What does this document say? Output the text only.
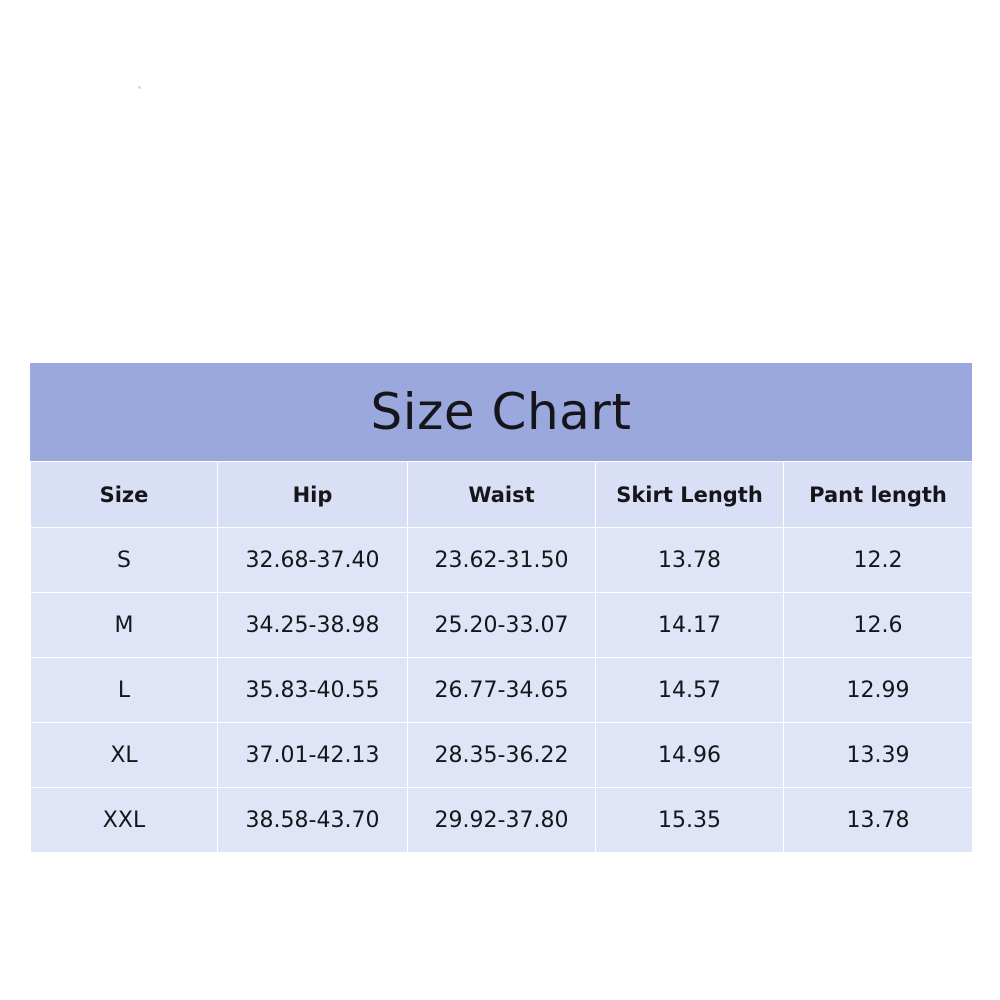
Size Chart
Size	Hip	Waist	Skirt Length	Pant length
S	32.68-37.40	23.62-31.50	13.78	12.2
M	34.25-38.98	25.20-33.07	14.17	12.6
L	35.83-40.55	26.77-34.65	14.57	12.99
XL	37.01-42.13	28.35-36.22	14.96	13.39
XXL	38.58-43.70	29.92-37.80	15.35	13.78
